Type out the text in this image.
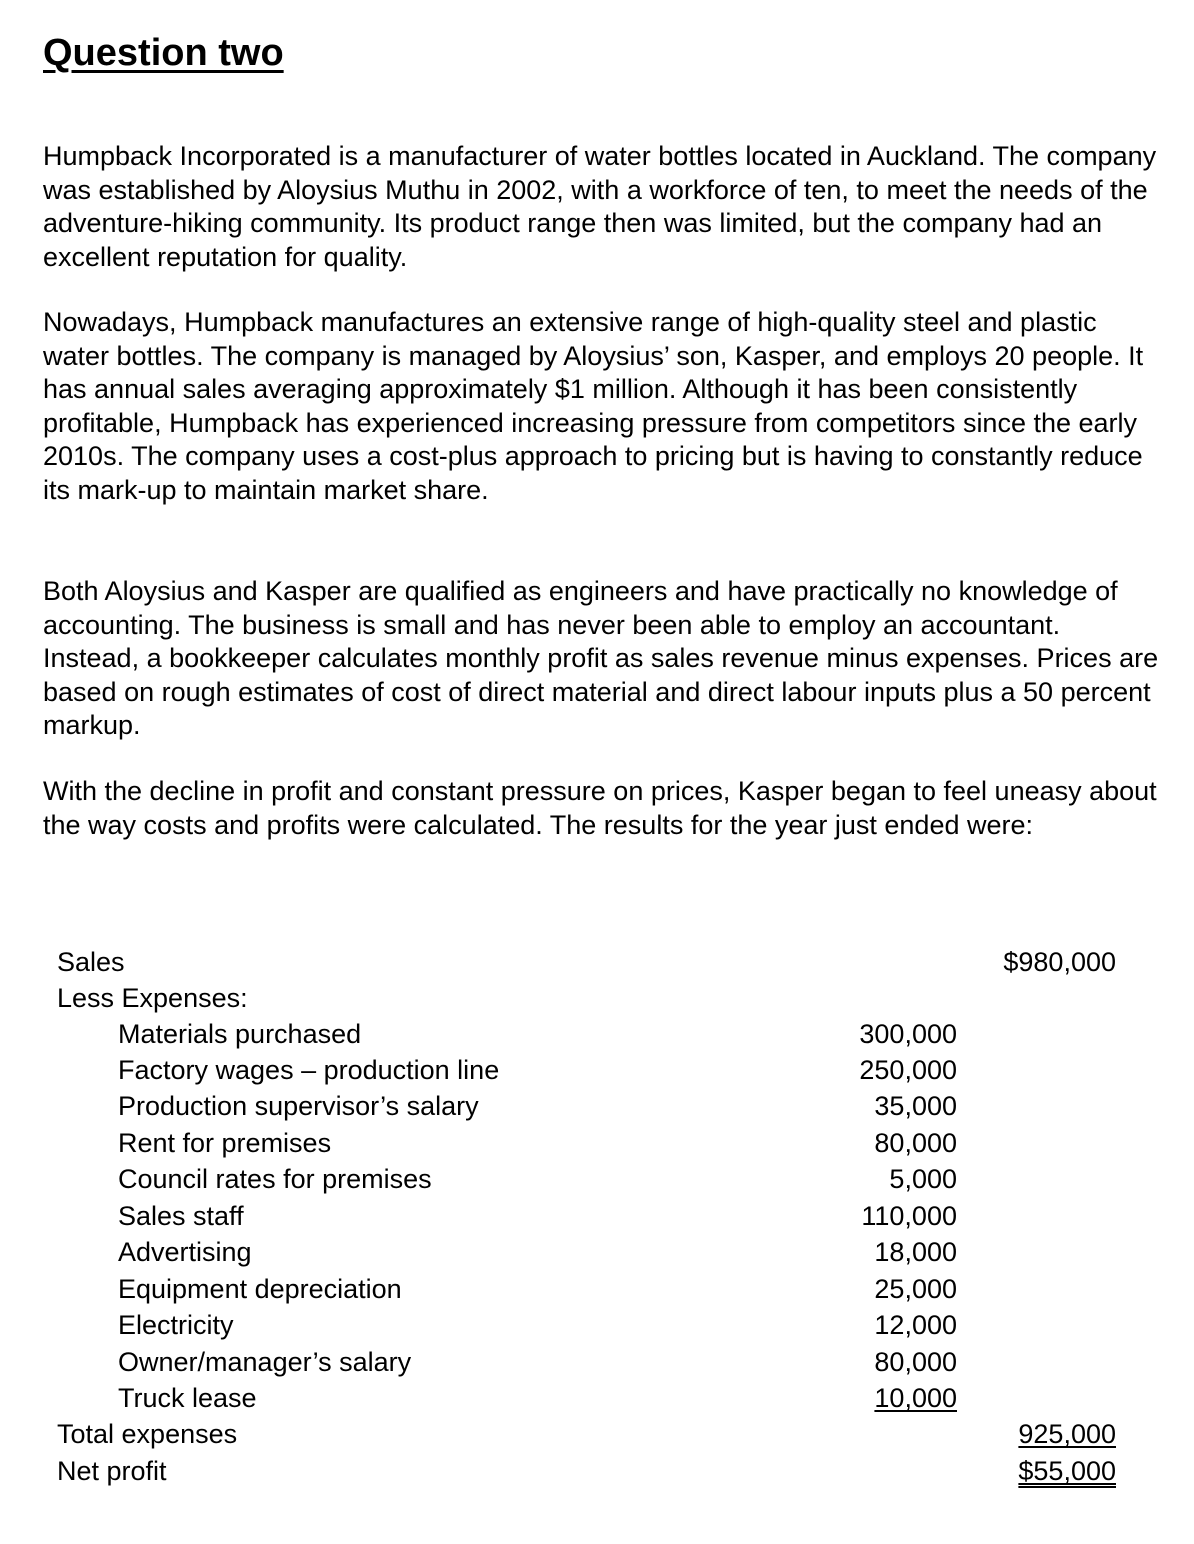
Question two

Humpback Incorporated is a manufacturer of water bottles located in Auckland. The company was established by Aloysius Muthu in 2002, with a workforce of ten, to meet the needs of the adventure-hiking community. Its product range then was limited, but the company had an excellent reputation for quality.

Nowadays, Humpback manufactures an extensive range of high-quality steel and plastic water bottles. The company is managed by Aloysius’ son, Kasper, and employs 20 people. It has annual sales averaging approximately $1 million. Although it has been consistently profitable, Humpback has experienced increasing pressure from competitors since the early 2010s. The company uses a cost-plus approach to pricing but is having to constantly reduce its mark-up to maintain market share.

Both Aloysius and Kasper are qualified as engineers and have practically no knowledge of accounting. The business is small and has never been able to employ an accountant. Instead, a bookkeeper calculates monthly profit as sales revenue minus expenses. Prices are based on rough estimates of cost of direct material and direct labour inputs plus a 50 percent markup.

With the decline in profit and constant pressure on prices, Kasper began to feel uneasy about the way costs and profits were calculated. The results for the year just ended were:

Sales	$980,000
Less Expenses:
Materials purchased	300,000
Factory wages – production line	250,000
Production supervisor’s salary	35,000
Rent for premises	80,000
Council rates for premises	5,000
Sales staff	110,000
Advertising	18,000
Equipment depreciation	25,000
Electricity	12,000
Owner/manager’s salary	80,000
Truck lease	10,000
Total expenses	925,000
Net profit	$55,000
